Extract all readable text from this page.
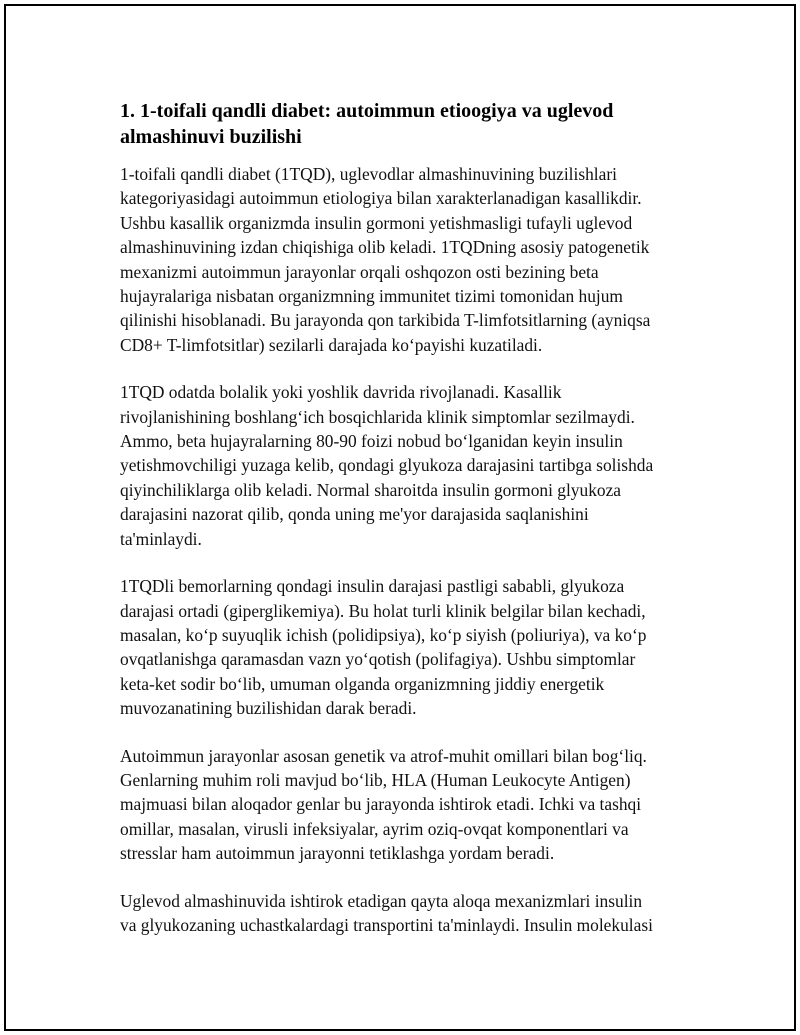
1. 1-toifali qandli diabet: autoimmun etioogiya va uglevod
almashinuvi buzilishi

1-toifali qandli diabet (1TQD), uglevodlar almashinuvining buzilishlari
kategoriyasidagi autoimmun etiologiya bilan xarakterlanadigan kasallikdir.
Ushbu kasallik organizmda insulin gormoni yetishmasligi tufayli uglevod
almashinuvining izdan chiqishiga olib keladi. 1TQDning asosiy patogenetik
mexanizmi autoimmun jarayonlar orqali oshqozon osti bezining beta
hujayralariga nisbatan organizmning immunitet tizimi tomonidan hujum
qilinishi hisoblanadi. Bu jarayonda qon tarkibida T-limfotsitlarning (ayniqsa
CD8+ T-limfotsitlar) sezilarli darajada ko‘payishi kuzatiladi.

1TQD odatda bolalik yoki yoshlik davrida rivojlanadi. Kasallik
rivojlanishining boshlang‘ich bosqichlarida klinik simptomlar sezilmaydi.
Ammo, beta hujayralarning 80-90 foizi nobud bo‘lganidan keyin insulin
yetishmovchiligi yuzaga kelib, qondagi glyukoza darajasini tartibga solishda
qiyinchiliklarga olib keladi. Normal sharoitda insulin gormoni glyukoza
darajasini nazorat qilib, qonda uning me'yor darajasida saqlanishini
ta'minlaydi.

1TQDli bemorlarning qondagi insulin darajasi pastligi sababli, glyukoza
darajasi ortadi (giperglikemiya). Bu holat turli klinik belgilar bilan kechadi,
masalan, ko‘p suyuqlik ichish (polidipsiya), ko‘p siyish (poliuriya), va ko‘p
ovqatlanishga qaramasdan vazn yo‘qotish (polifagiya). Ushbu simptomlar
keta-ket sodir bo‘lib, umuman olganda organizmning jiddiy energetik
muvozanatining buzilishidan darak beradi.

Autoimmun jarayonlar asosan genetik va atrof-muhit omillari bilan bog‘liq.
Genlarning muhim roli mavjud bo‘lib, HLA (Human Leukocyte Antigen)
majmuasi bilan aloqador genlar bu jarayonda ishtirok etadi. Ichki va tashqi
omillar, masalan, virusli infeksiyalar, ayrim oziq-ovqat komponentlari va
stresslar ham autoimmun jarayonni tetiklashga yordam beradi.

Uglevod almashinuvida ishtirok etadigan qayta aloqa mexanizmlari insulin
va glyukozaning uchastkalardagi transportini ta'minlaydi. Insulin molekulasi
